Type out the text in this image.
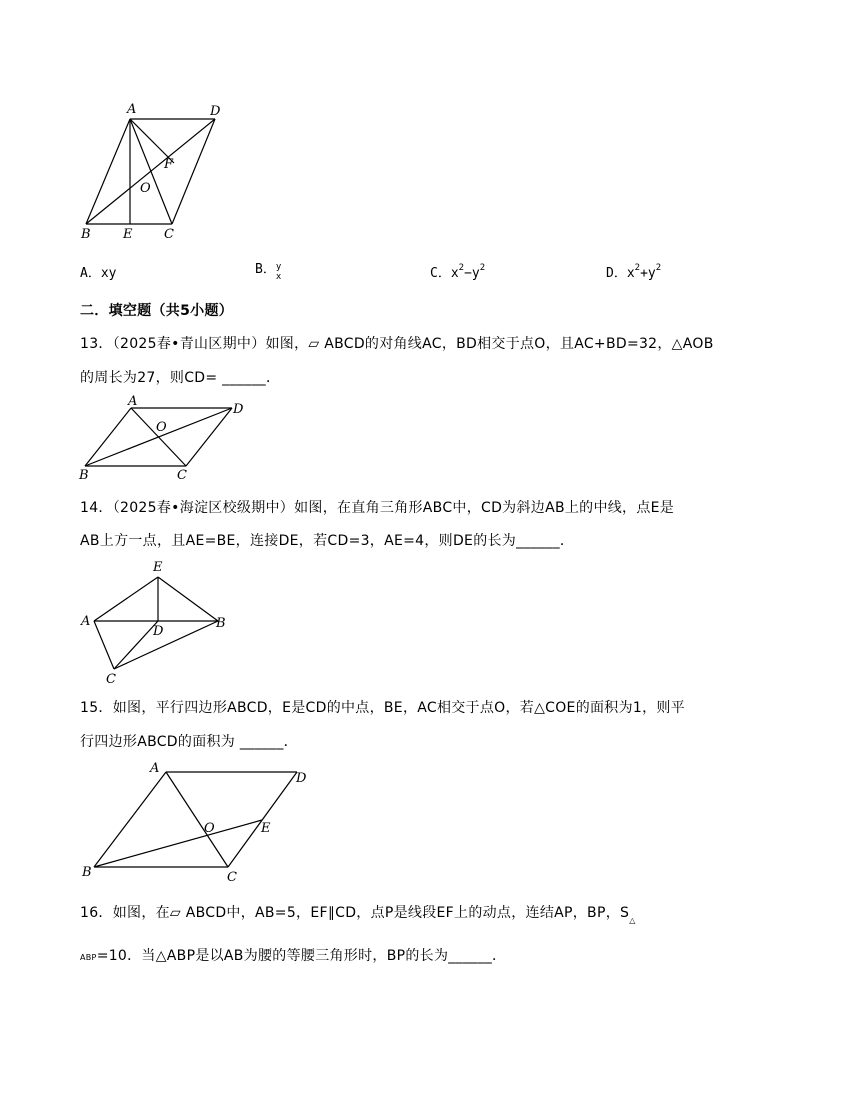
A	D
B E C
F
O
A．xy	B．y
x	C．$x^2-y^2$	D．$x^2+y^2$
二．填空题（共5小题）
13．（2025春•青山区期中）如图，▱ ABCD的对角线AC，BD相交于点O，且AC+BD=32，△AOB
的周长为27，则CD= ______．
A
D
B	C
O
14．（2025春•海淀区校级期中）如图，在直角三角形ABC中，CD为斜边AB上的中线，点E是
AB上方一点，且AE=BE，连接DE，若CD=3，AE=4，则DE的长为______．
E
A	B
D
C
15．如图，平行四边形ABCD，E是CD的中点，BE，AC相交于点O，若△COE的面积为1，则平
行四边形ABCD的面积为 ______．
A
D
B	C
E
O
16．如图，在▱ ABCD中，AB=5，EF∥CD，点P是线段EF上的动点，连结AP，BP，$S_\triangle$
ABP=10．当△ABP是以AB为腰的等腰三角形时，BP的长为______．
